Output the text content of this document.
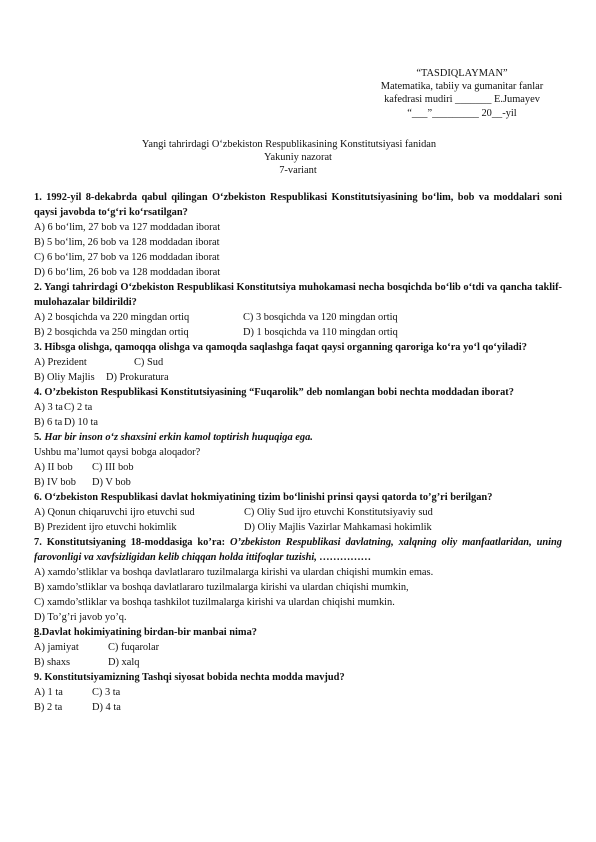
“TASDIQLAYMAN”
Matematika, tabiiy va gumanitar fanlar
kafedrasi mudiri _______ E.Jumayev
“___”_________ 20__-yil
Yangi tahrirdagi O‘zbekiston Respublikasining Konstitutsiyasi fanidan
Yakuniy nazorat
7-variant
1. 1992-yil 8-dekabrda qabul qilingan O‘zbekiston Respublikasi Konstitutsiyasining bo‘lim, bob va moddalari soni qaysi javobda to‘g‘ri ko‘rsatilgan?
A) 6 bo‘lim, 27 bob va 127 moddadan iborat
B) 5 bo‘lim, 26 bob va 128 moddadan iborat
C) 6 bo‘lim, 27 bob va 126 moddadan iborat
D) 6 bo‘lim, 26 bob va 128 moddadan iborat
2. Yangi tahrirdagi O‘zbekiston Respublikasi Konstitutsiya muhokamasi necha bosqichda bo‘lib o‘tdi va qancha taklif-mulohazalar bildirildi?
A) 2 bosqichda va 220 mingdan ortiq	C) 3 bosqichda va 120 mingdan ortiq
B) 2 bosqichda va 250 mingdan ortiq	D) 1 bosqichda va 110 mingdan ortiq
3. Hibsga olishga, qamoqqa olishga va qamoqda saqlashga faqat qaysi organning qaroriga ko‘ra yo‘l qo‘yiladi?
A) Prezident	C) Sud
B) Oliy Majlis	D) Prokuratura
4. O’zbekiston Respublikasi Konstitutsiyasining “Fuqarolik” deb nomlangan bobi nechta moddadan iborat?
A) 3 ta C) 2 ta
B) 6 ta D) 10 ta
5. Har bir inson o‘z shaxsini erkin kamol toptirish huquqiga ega.
Ushbu ma’lumot qaysi bobga aloqador?
A) II bob	C) III bob
B) IV bob	D) V bob
6. O‘zbekiston Respublikasi davlat hokmiyatining tizim bo‘linishi prinsi qaysi qatorda to’g’ri berilgan?
A) Qonun chiqaruvchi ijro etuvchi sud	C) Oliy Sud ijro etuvchi Konstitutsiyaviy sud
B) Prezident ijro etuvchi hokimlik	D) Oliy Majlis Vazirlar Mahkamasi hokimlik
7. Konstitutsiyaning 18-moddasiga ko’ra: O’zbekiston Respublikasi davlatning, xalqning oliy manfaatlaridan, uning farovonligi va xavfsizligidan kelib chiqqan holda ittifoqlar tuzishi, ……………
A) xamdo’stliklar va boshqa davlatlararo tuzilmalarga kirishi va ulardan chiqishi mumkin emas.
B) xamdo’stliklar va boshqa davlatlararo tuzilmalarga kirishi va ulardan chiqishi mumkin,
C) xamdo’stliklar va boshqa tashkilot tuzilmalarga kirishi va ulardan chiqishi mumkin.
D) To’g’ri javob yo’q.
8.Davlat hokimiyatining birdan-bir manbai nima?
A) jamiyat	C) fuqarolar
B) shaxs	D) xalq
9. Konstitutsiyamizning Tashqi siyosat bobida nechta modda mavjud?
A) 1 ta	C) 3 ta
B) 2 ta	D) 4 ta
